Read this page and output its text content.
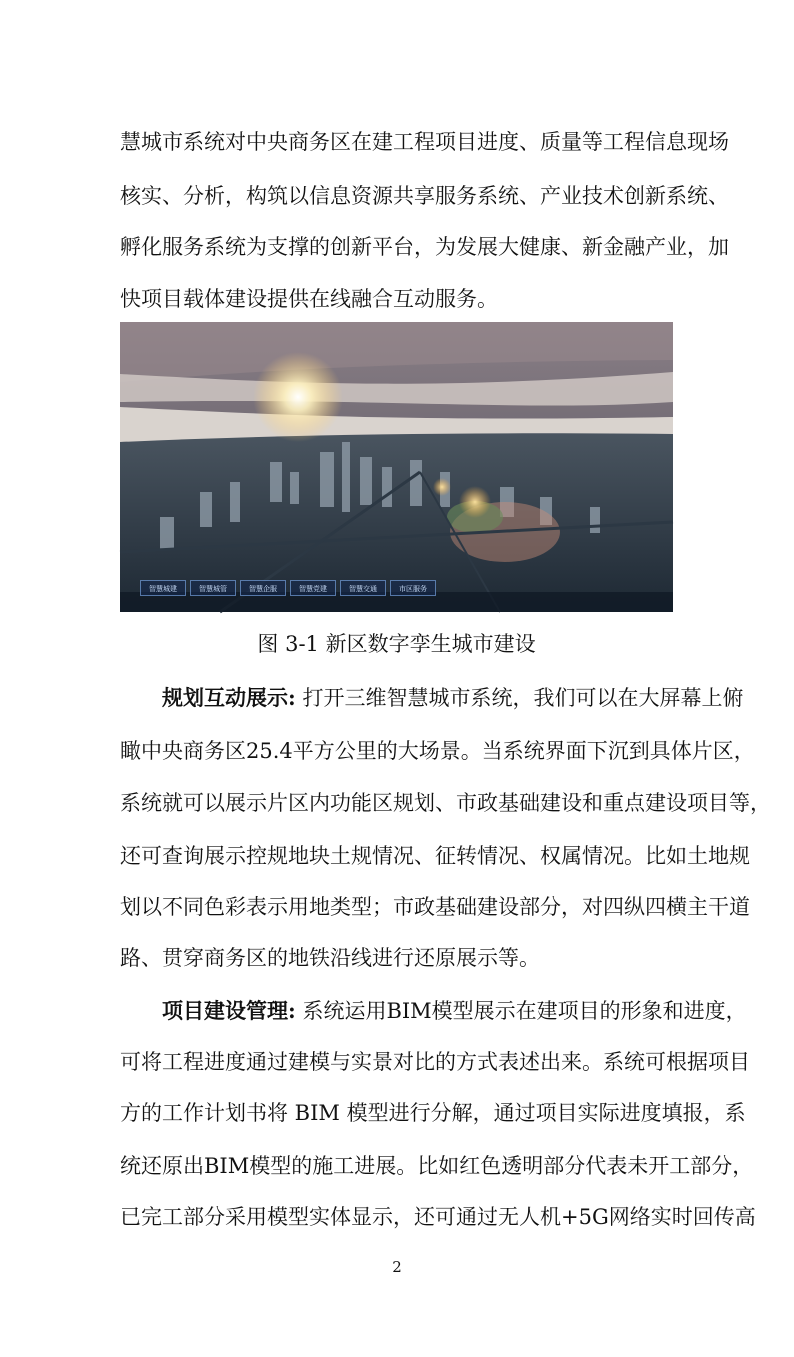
慧城市系统对中央商务区在建工程项目进度、质量等工程信息现场
核实、分析，构筑以信息资源共享服务系统、产业技术创新系统、
孵化服务系统为支撑的创新平台，为发展大健康、新金融产业，加
快项目载体建设提供在线融合互动服务。
智慧城建	智慧城管	智慧企服	智慧党建	智慧交通	市区服务
图 3-1 新区数字孪生城市建设
规划互动展示: 打开三维智慧城市系统，我们可以在大屏幕上俯
瞰中央商务区25.4平方公里的大场景。当系统界面下沉到具体片区，
系统就可以展示片区内功能区规划、市政基础建设和重点建设项目等，
还可查询展示控规地块土规情况、征转情况、权属情况。比如土地规
划以不同色彩表示用地类型；市政基础建设部分，对四纵四横主干道
路、贯穿商务区的地铁沿线进行还原展示等。
项目建设管理: 系统运用BIM模型展示在建项目的形象和进度，
可将工程进度通过建模与实景对比的方式表述出来。系统可根据项目
方的工作计划书将 BIM 模型进行分解，通过项目实际进度填报，系
统还原出BIM模型的施工进展。比如红色透明部分代表未开工部分，
已完工部分采用模型实体显示，还可通过无人机+5G网络实时回传高
2
